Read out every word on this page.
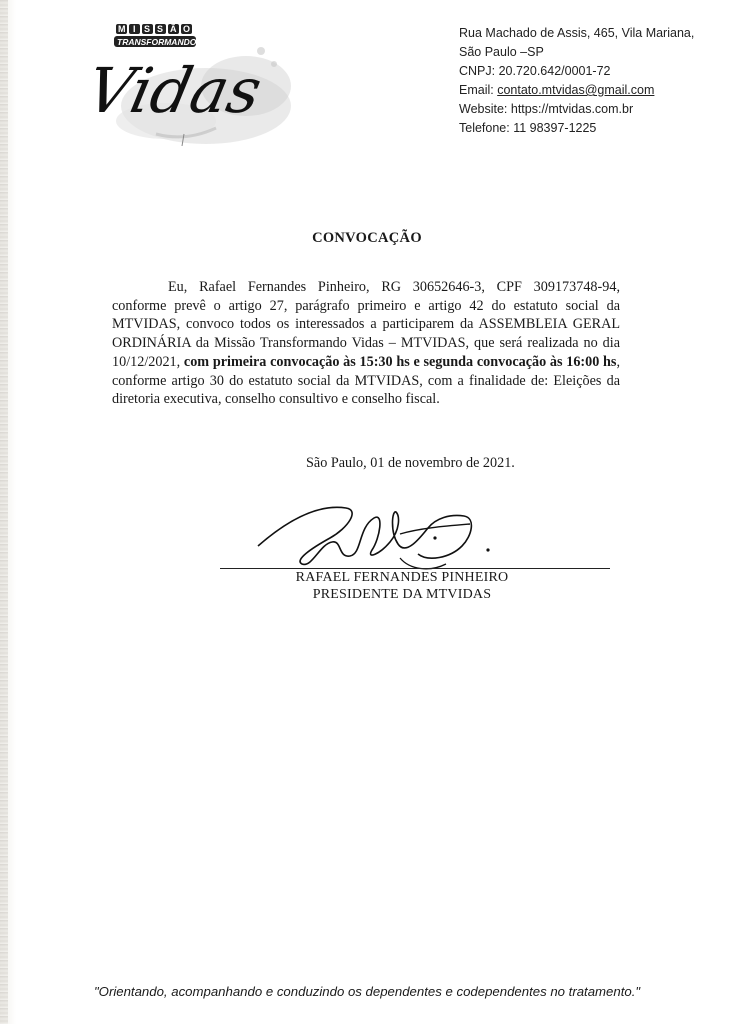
M I S S Ã O
TRANSFORMANDO
Vidas
Rua Machado de Assis, 465, Vila Mariana,
São Paulo –SP
CNPJ: 20.720.642/0001-72
Email: contato.mtvidas@gmail.com
Website: https://mtvidas.com.br
Telefone: 11 98397-1225
CONVOCAÇÃO

Eu, Rafael Fernandes Pinheiro, RG 30652646-3, CPF 309173748-94, conforme prevê o artigo 27, parágrafo primeiro e artigo 42 do estatuto social da MTVIDAS, convoco todos os interessados a participarem da ASSEMBLEIA GERAL ORDINÁRIA da Missão Transformando Vidas – MTVIDAS, que será realizada no dia 10/12/2021, com primeira convocação às 15:30 hs e segunda convocação às 16:00 hs, conforme artigo 30 do estatuto social da MTVIDAS, com a finalidade de: Eleições da diretoria executiva, conselho consultivo e conselho fiscal.

São Paulo, 01 de novembro de 2021.
RAFAEL FERNANDES PINHEIRO
PRESIDENTE DA MTVIDAS
"Orientando, acompanhando e conduzindo os dependentes e codependentes no tratamento."
